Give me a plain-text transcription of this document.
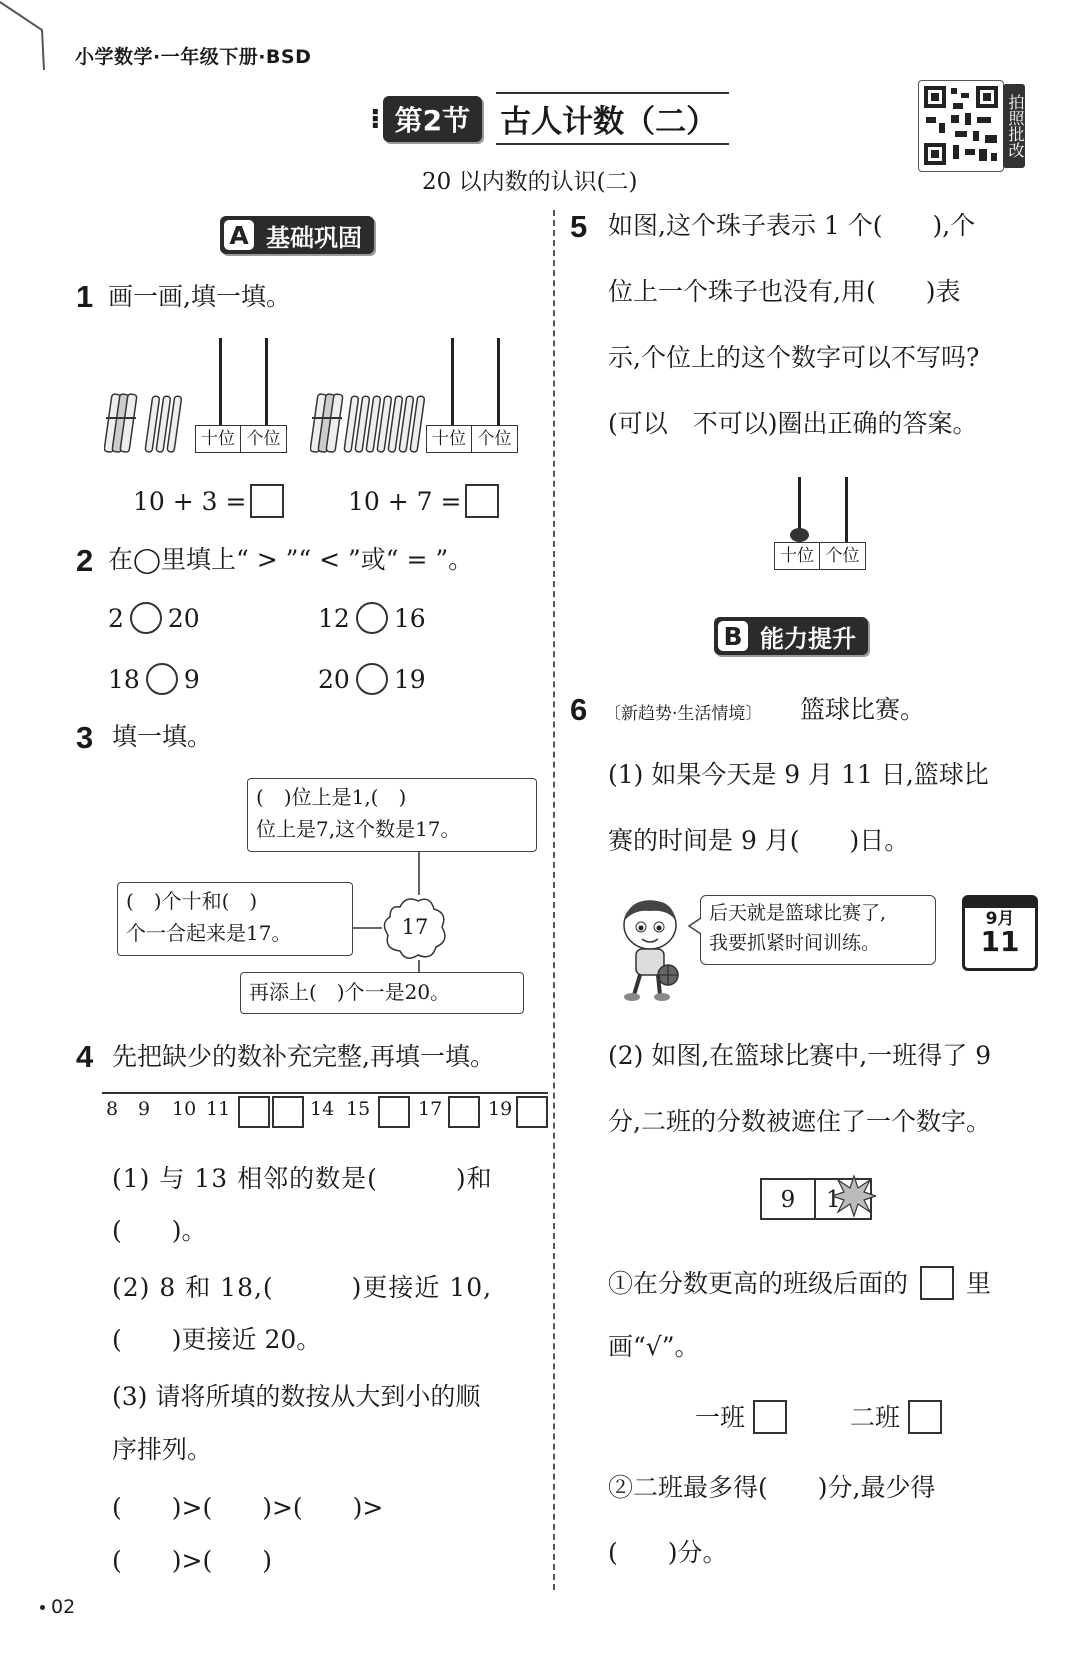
小学数学·一年级下册·BSD
⁝ 第2节 古人计数（二）
20 以内数的认识(二)
拍照批改
A 基础巩固
1 画一画,填一填。
十位 个位
10 + 3 =
十位 个位
10 + 7 =
2 在◯里填上“ > ”“ < ”或“ = ”。
2 20	12 16
18 9	20 19
3 填一填。
(　)位上是1,(　)
位上是7,这个数是17。
(　)个十和(　)
个一合起来是17。	17
再添上(　)个一是20。
4 先把缺少的数补充完整,再填一填。
8 9 10 11	14 15	17 19
(1) 与 13 相邻的数是(　　　)和
(　　)。
(2) 8 和 18,(　　　)更接近 10,
(　　)更接近 20。
(3) 请将所填的数按从大到小的顺
序排列。
(　　)>(　　)>(　　)>
(　　)>(　　)
5 如图,这个珠子表示 1 个(　　),个
位上一个珠子也没有,用(　　)表
示,个位上的这个数字可以不写吗?
(可以　不可以)圈出正确的答案。
十位 个位
B 能力提升
6 〔新趋势·生活情境〕 篮球比赛。
(1) 如果今天是 9 月 11 日,篮球比
赛的时间是 9 月(　　)日。
后天就是篮球比赛了,
我要抓紧时间训练。
9月
11
(2) 如图,在篮球比赛中,一班得了 9
分,二班的分数被遮住了一个数字。
9	1
①在分数更高的班级后面的 里
画“√”。
一班	二班
②二班最多得(　　)分,最少得
(　　)分。
02
